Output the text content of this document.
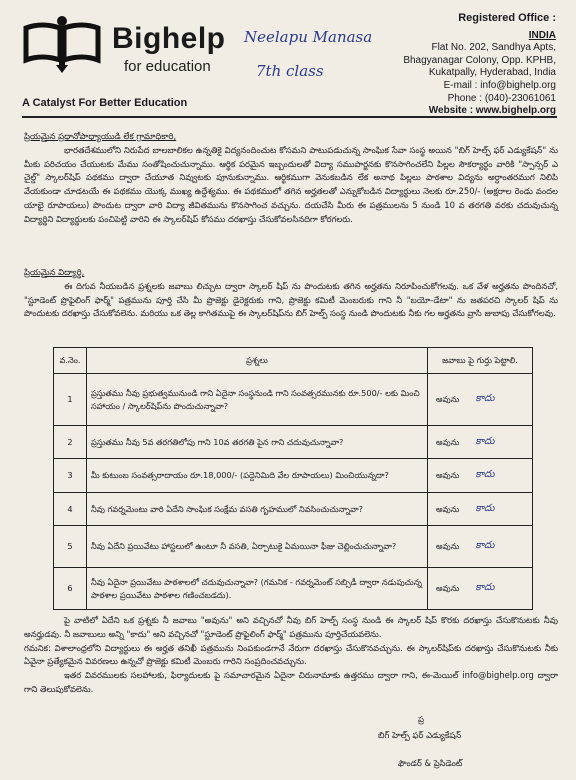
Bighelp
for education
A Catalyst For Better Education
Neelapu Manasa
7th class
Registered Office :
INDIA
Flat No. 202, Sandhya Apts,
Bhagyanagar Colony, Opp. KPHB,
Kukatpally, Hyderabad, India
E-mail : info@bighelp.org
Phone : (040)-23061061
Website : www.bighelp.org

ప్రియమైన ప్రధానోపాధ్యాయుడి లేక గ్రామాధికారి,

భారతదేశములోని నిరుపేద బాలబాలికల ఉన్నతికై విద్యనందించుట కోసమని పాటుపడుచున్న సాంఘిక సేవా సంస్థ అయిన "బిగ్ హెల్ప్ ఫర్ ఎడ్యుకేషన్" ను మీకు పరిచయం చేయుటకు మేము సంతోషించుచున్నాము. ఆర్థిక పరమైన ఇబ్బందులతో విద్యా సముపార్జనకు కొనసాగించలేని పిల్లల సౌకర్యార్థం వారికి "స్పాన్సర్ ఎ చైల్డ్" స్కాలర్‌షిప్ పథకము ద్వారా చేయూత నివ్వుటకు పూనుకున్నాము. ఆర్థికముగా వెనుకబడిన లేక అనాథ పిల్లలు పాఠశాల విద్యను అర్ధాంతరముగ నిలిపి వేయకుండా చూడటయే ఈ పథకము యొక్క ముఖ్య ఉద్దేశ్యము. ఈ పథకములో తగిన అర్హతలతో ఎన్నుకోబడిన విద్యార్థులు నెలకు రూ.250/- (అక్షరాల రెండు వందల యాభై రూపాయలు) పొందుట ద్వారా వారి విద్యా జీవితమును కొనసాగించ వచ్చును. దయచేసి మీరు ఈ పత్రములను 5 నుండి 10 వ తరగతి వరకు చదువుచున్న విద్యార్థిని విద్యార్థులకు పంచిపెట్టి వారిని ఈ స్కాలర్‌షిప్ కోసము దరఖాస్తు చేసుకోవలసినదిగా కోరగలరు.

ప్రియమైన విద్యార్థి,

ఈ దిగువ నీయబడిన ప్రశ్నలకు జవాబు లిచ్చుట ద్వారా స్కాలర్ షిప్ ను పొందుటకు తగిన అర్హతను నిరూపించుకోగలవు. ఒక వేళ అర్హతను పొందినచో, "స్టూడెంట్ ప్రొఫైలింగ్ ఫార్మ్" పత్రమును పూర్తి చేసి మీ ప్రొజెక్టు డైరెక్టరుకు గాని, ప్రొజెక్టు కమిటీ మెంబరుకు గాని నీ "బయో-డేటా" ను జతపరచి స్కాలర్ షిప్ ను పొందుటకు దరఖాస్తు చేసుకోవలెను. మరియు ఒక తెల్ల కాగితముపై ఈ స్కాలర్‌షిప్‌ను బిగ్ హెల్ప్ సంస్థ నుండి పొందుటకు నీకు గల అర్హతను వ్రాసి జుబాపు చేసుకోగలవు.

వ.నెం.	ప్రశ్నలు	జవాబు పై గుర్తు పెట్టాలి.
1	ప్రస్తుతము నీవు ప్రభుత్వమునుండి గాని ఏదైనా సంస్థనుండి గాని సంవత్సరమునకు రూ.500/- లకు మించి సహాయం / స్కాలర్‌షిప్‌ను పొందుచున్నావా?	అవును కాదు

2	ప్రస్తుతము నీవు 5వ తరగతిలోపు గాని 10వ తరగతి పైన గాని చదువుచున్నావా?	అవును కాదు

3	మీ కుటుంబ సంవత్సరాదాయం రూ.18,000/- (పద్దెనిమిది వేల రూపాయలు) మించియున్నదా?	అవును కాదు

4	నీవు గవర్నమెంటు వారి ఏదేని సాంఘిక సంక్షేమ వసతి గృహములో నివసించుచున్నావా?	అవును కాదు

5	నీవు ఏదేని ప్రయివేటు హాస్టలులో ఉంటూ నీ వసతి, ఏర్పాటుకై ఏమయినా ఫీజు చెల్లించుచున్నావా?	అవును కాదు

6	నీవు ఏదైనా ప్రయివేటు పాఠశాలలో చదువుచున్నావా? (గమనిక - గవర్నమెంట్ సబ్సిడీ ద్వారా నడుపుచున్న పాఠశాల ప్రయివేటు పాఠశాల గణించబడదు).	అవును కాదు

పై వాటిలో ఏదేని ఒక ప్రశ్నకు నీ జవాబు "అవును" అని వచ్చినచో నీవు బిగ్ హెల్ప్ సంస్థ నుండి ఈ స్కాలర్ షిప్ కొరకు దరఖాస్తు చేసుకొనుటకు నీవు అనర్హుడవు. నీ జవాబులు అన్ని "కాదు" అని వచ్చినచో "స్టూడెంట్ ప్రొఫైలింగ్ ఫార్మ్" పత్రమును పూర్తిచేయవలెను.

గమనిక: విశాలాంధ్రలోని విద్యార్థులు ఈ అర్హత తనిఖీ పత్రమును నింపకుండగానే నేరుగా దరఖాస్తు చేసుకొనవచ్చును. ఈ స్కాలర్‌షిప్‌కు దరఖాస్తు చేసుకొనుటకు నీకు ఏవైనా ప్రత్యేకమైన వివరణలు ఉన్నచో ప్రొజెక్టు కమిటీ మెంబరు గారిని సంప్రదించవచ్చును.

ఇతర వివరములకు సలహాలకు, ఫిర్యాదులకు పై సమాచారమైన ఏదైనా చిరునామాకు ఉత్తరము ద్వారా గాని, ఈ-మెయిల్ info@bighelp.org ద్వారా గాని తెలుపుకోవలెను.

ప్ర
బిగ్ హెల్ప్ ఫర్ ఎడ్యుకేషన్
ఫౌండర్ & ప్రెసిడెంట్
